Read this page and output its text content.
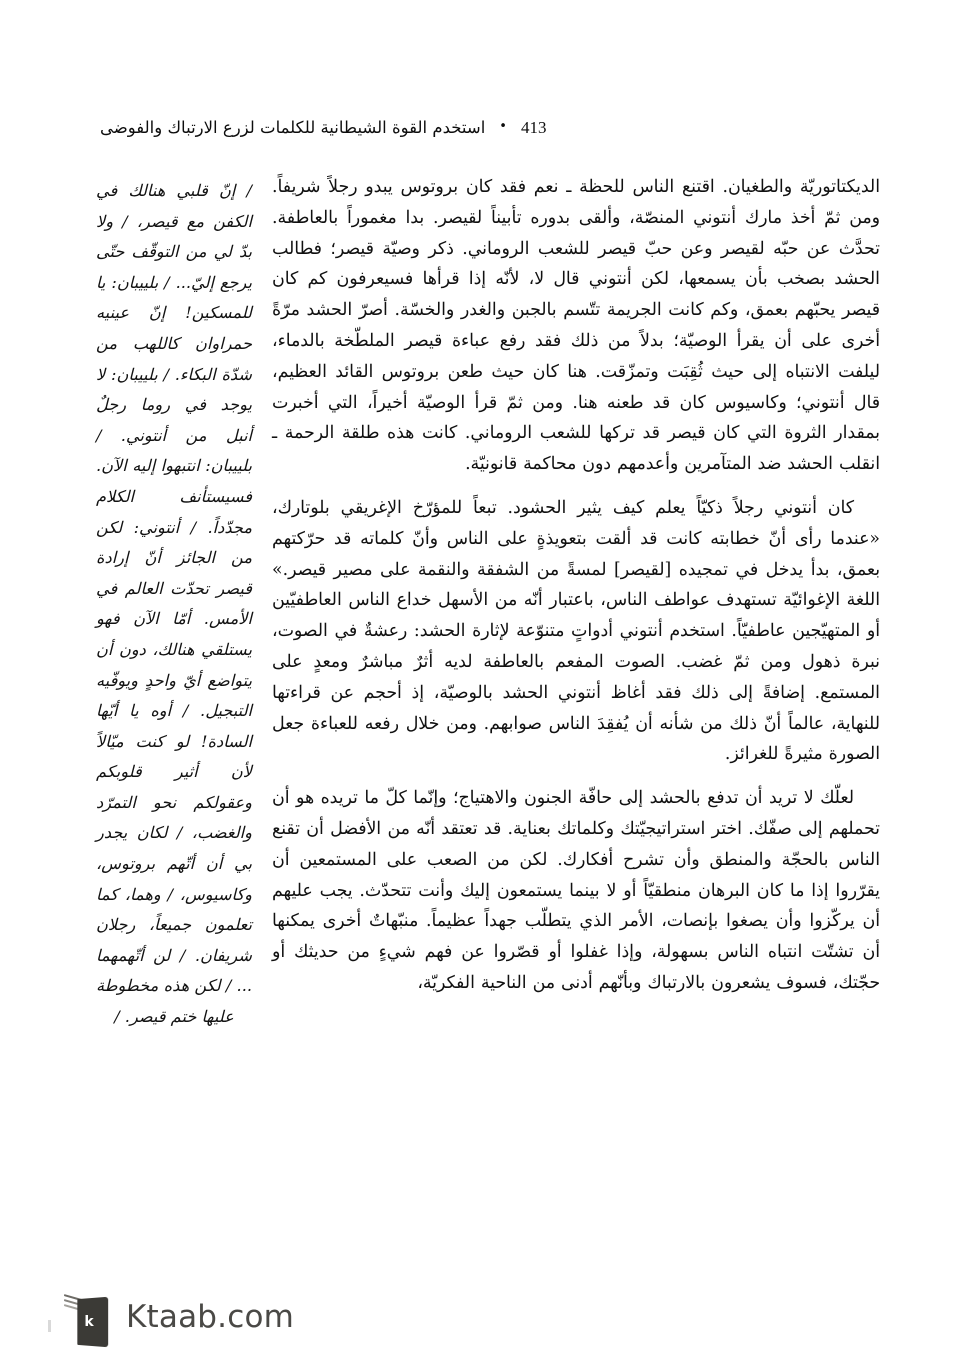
استخدم القوة الشيطانية للكلمات لزرع الارتباك والفوضى • 413

الديكتاتوريّة والطغيان. اقتنع الناس للحظة ـ نعم فقد كان بروتوس يبدو رجلاً شريفاً. ومن ثمّ أخذ مارك أنتوني المنصّة، وألقى بدوره تأبيناً لقيصر. بدا مغموراً بالعاطفة. تحدَّث عن حبّه لقيصر وعن حبّ قيصر للشعب الروماني. ذكر وصيّة قيصر؛ فطالب الحشد بصخب بأن يسمعها، لكن أنتوني قال لا، لأنّه إذا قرأها فسيعرفون كم كان قيصر يحبّهم بعمق، وكم كانت الجريمة تتّسم بالجبن والغدر والخسّة. أصرّ الحشد مرّةً أخرى على أن يقرأ الوصيّة؛ بدلاً من ذلك فقد رفع عباءة قيصر الملطّخة بالدماء، ليلفت الانتباه إلى حيث ثُقِبَت وتمزّقت. هنا كان حيث طعن بروتوس القائد العظيم، قال أنتوني؛ وكاسيوس كان قد طعنه هنا. ومن ثمّ قرأ الوصيّة أخيراً، التي أخبرت بمقدار الثروة التي كان قيصر قد تركها للشعب الروماني. كانت هذه طلقة الرحمة ـ انقلب الحشد ضد المتآمرين وأعدمهم دون محاكمة قانونيّة.

كان أنتوني رجلاً ذكيّاً يعلم كيف يثير الحشود. تبعاً للمؤرّخ الإغريقي بلوتارك، «عندما رأى أنّ خطابته كانت قد ألقت بتعويذةٍ على الناس وأنّ كلماته قد حرّكتهم بعمق، بدأ يدخل في تمجيده [لقيصر] لمسةً من الشفقة والنقمة على مصير قيصر.» اللغة الإغوائيّة تستهدف عواطف الناس، باعتبار أنّه من الأسهل خداع الناس العاطفيّين أو المتهيّجين عاطفيّاً. استخدم أنتوني أدواتٍ متنوّعة لإثارة الحشد: رعشةٌ في الصوت، نبرة ذهول ومن ثمّ غضب. الصوت المفعم بالعاطفة لديه أثرٌ مباشرٌ ومعدٍ على المستمع. إضافةً إلى ذلك فقد أغاظ أنتوني الحشد بالوصيّة، إذ أحجم عن قراءتها للنهاية، عالماً أنّ ذلك من شأنه أن يُفقِدَ الناس صوابهم. ومن خلال رفعه للعباءة جعل الصورة مثيرةً للغرائز.

لعلّك لا تريد أن تدفع بالحشد إلى حافّة الجنون والاهتياج؛ وإنّما كلّ ما تريده هو أن تحملهم إلى صفّك. اختر استراتيجيّتك وكلماتك بعناية. قد تعتقد أنّه من الأفضل أن تقنع الناس بالحجّة والمنطق وأن تشرح أفكارك. لكن من الصعب على المستمعين أن يقرّروا إذا ما كان البرهان منطقيّاً أو لا بينما يستمعون إليك وأنت تتحدّث. يجب عليهم أن يركّزوا وأن يصغوا بإنصات، الأمر الذي يتطلّب جهداً عظيماً. منبّهاتٌ أخرى يمكنها أن تشتّت انتباه الناس بسهولة، وإذا غفلوا أو قصّروا عن فهم شيءٍ من حديثك أو حجّتك، فسوف يشعرون بالارتباك وبأنّهم أدنى من الناحية الفكريّة،

/ إنّ قلبي هنالك في الكفن مع قيصر، / ولا بدّ لي من التوقّف حتّى يرجع إليّ... / بلييبان: يا للمسكين! إنّ عينيه حمراوان كاللهب من شدّة البكاء. / بلييبان: لا يوجد في روما رجلٌ أنبل من أنتوني. / بلييبان: انتبهوا إليه الآن. فسيستأنف الكلام مجدّداً. / أنتوني: لكن من الجائز أنّ إرادة قيصر تحدّت العالم في الأمس. أمّا الآن فهو يستلقي هنالك، دون أن يتواضع أيّ واحدٍ ويوفّيه التبجيل. / أوه يا أيّها السادة! لو كنت ميّالاً لأن أثير قلوبكم وعقولكم نحو التمرّد والغضب، / لكان يجدر بي أن أتّهم بروتوس، وكاسيوس، / وهما، كما تعلمون جميعاً، رجلان شريفان. / لن أتّهمهما ... / لكن هذه مخطوطة عليها ختم قيصر. /

k Ktaab.com
